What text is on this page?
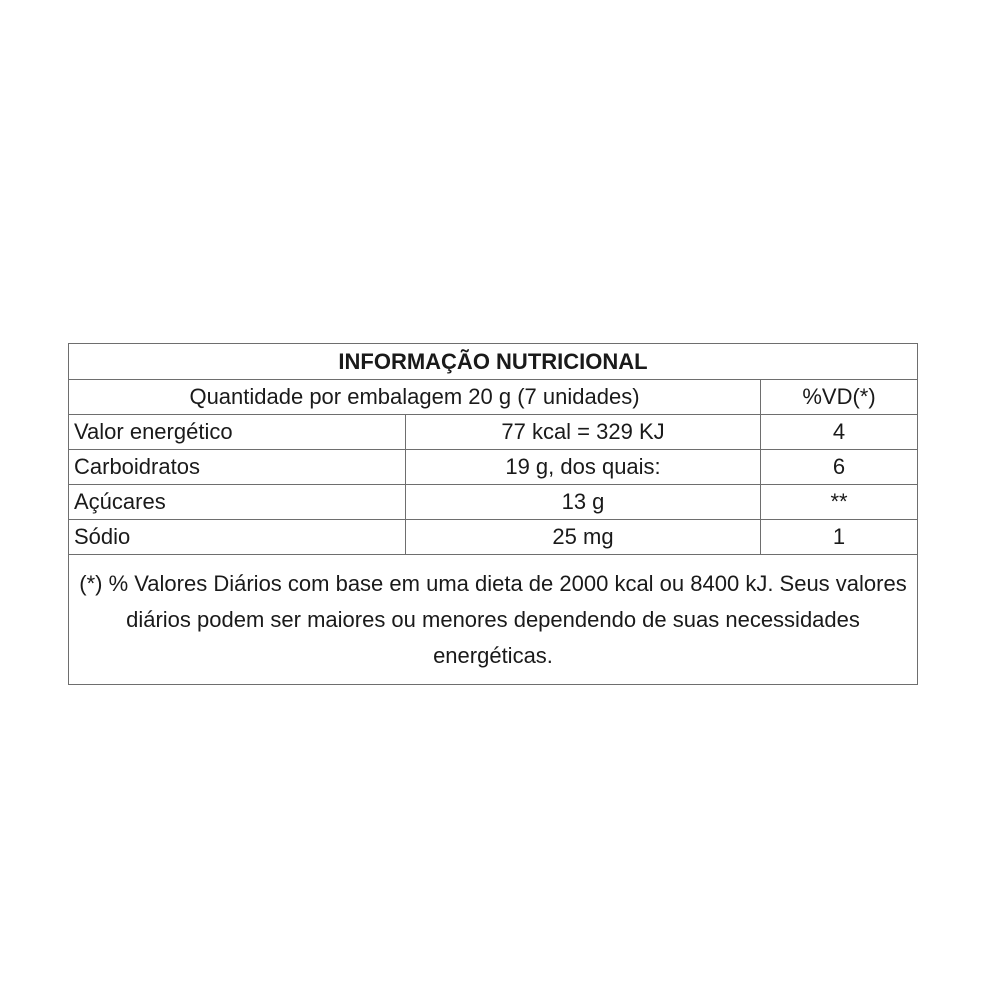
INFORMAÇÃO NUTRICIONAL		
Quantidade por embalagem 20 g (7 unidades)		%VD(*)
Valor energético	77 kcal = 329 KJ	4
Carboidratos	19 g, dos quais:	6
Açúcares	13 g	**
Sódio	25 mg	1
(*) % Valores Diários com base em uma dieta de 2000 kcal ou 8400 kJ. Seus valores diários podem ser maiores ou menores dependendo de suas necessidades energéticas.		
